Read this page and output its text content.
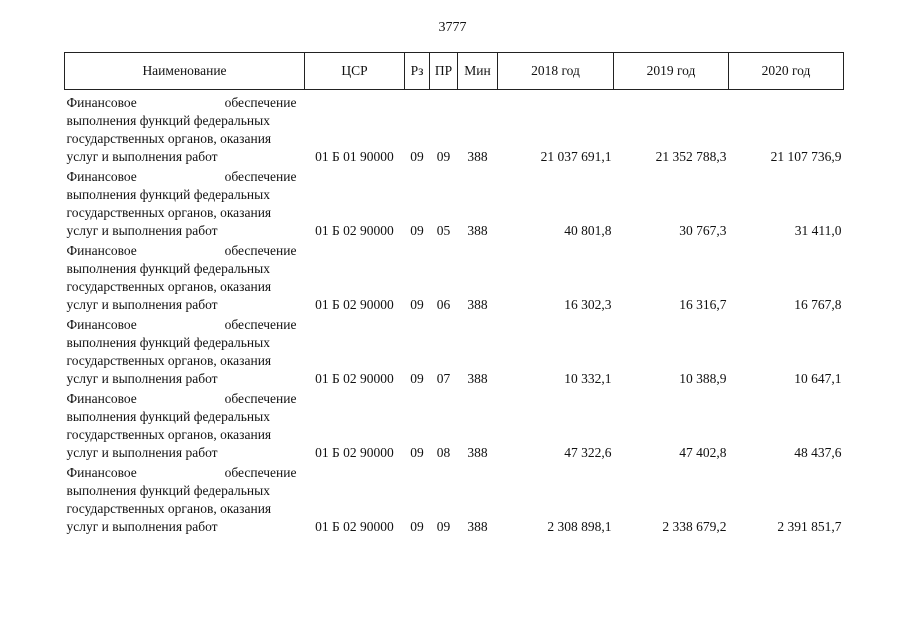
3777
Наименование	ЦСР	Рз	ПР	Мин	2018 год	2019 год	2020 год

Финансовое обеспечение
выполнения функций федеральных
государственных органов, оказания
услуг и выполнения работ	01 Б 01 90000	09	09	388	21 037 691,1	21 352 788,3	21 107 736,9

Финансовое обеспечение
выполнения функций федеральных
государственных органов, оказания
услуг и выполнения работ	01 Б 02 90000	09	05	388	40 801,8	30 767,3	31 411,0

Финансовое обеспечение
выполнения функций федеральных
государственных органов, оказания
услуг и выполнения работ	01 Б 02 90000	09	06	388	16 302,3	16 316,7	16 767,8

Финансовое обеспечение
выполнения функций федеральных
государственных органов, оказания
услуг и выполнения работ	01 Б 02 90000	09	07	388	10 332,1	10 388,9	10 647,1

Финансовое обеспечение
выполнения функций федеральных
государственных органов, оказания
услуг и выполнения работ	01 Б 02 90000	09	08	388	47 322,6	47 402,8	48 437,6

Финансовое обеспечение
выполнения функций федеральных
государственных органов, оказания
услуг и выполнения работ	01 Б 02 90000	09	09	388	2 308 898,1	2 338 679,2	2 391 851,7
